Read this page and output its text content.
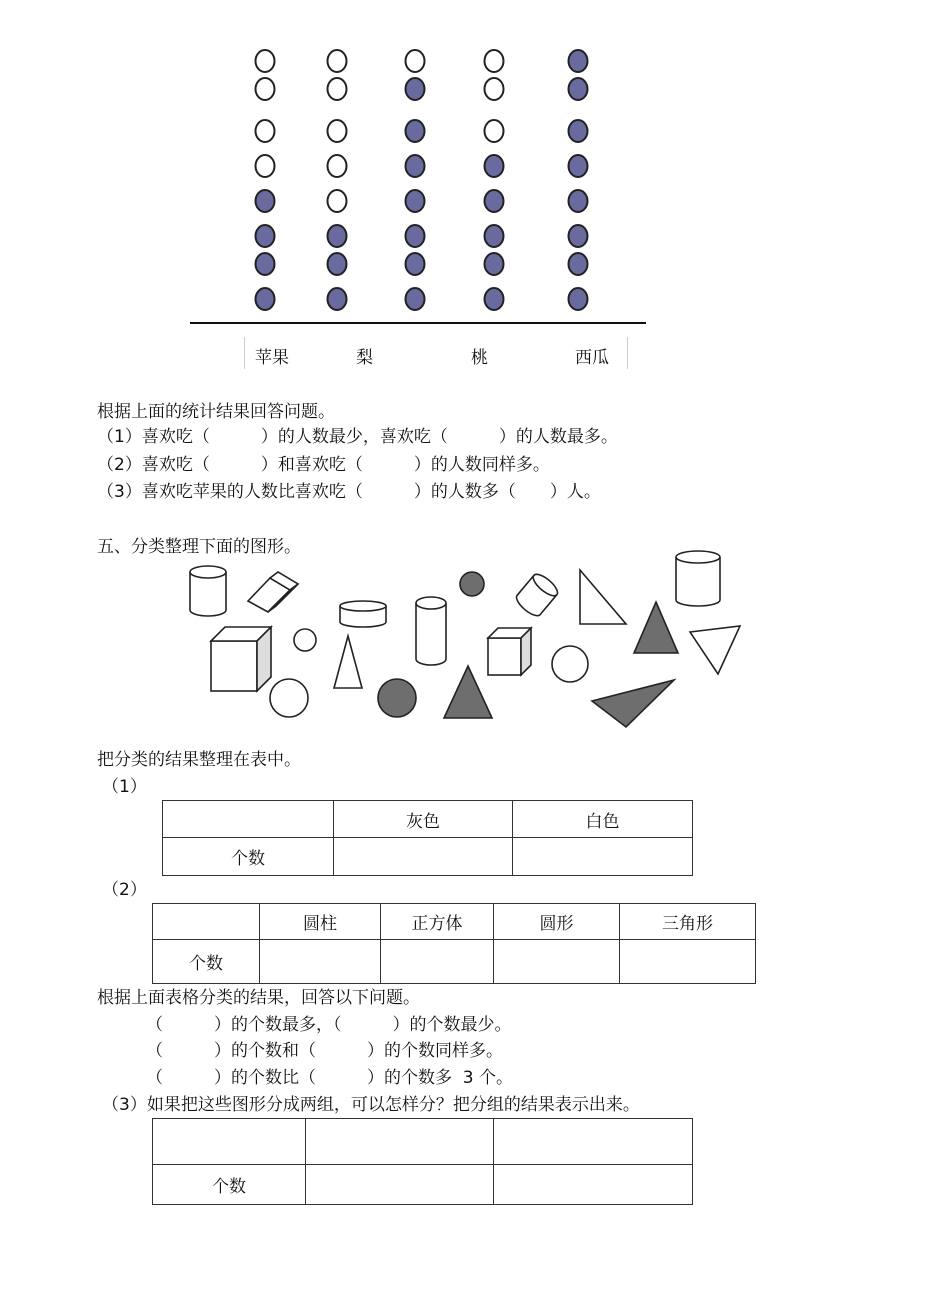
苹果	梨	桃	西瓜
根据上面的统计结果回答问题。
（1）喜欢吃（　　　）的人数最少，喜欢吃（　　　）的人数最多。
（2）喜欢吃（　　　）和喜欢吃（　　　）的人数同样多。
（3）喜欢吃苹果的人数比喜欢吃（　　　）的人数多（　　）人。
五、分类整理下面的图形。
把分类的结果整理在表中。
（1）
	灰色	白色
个数		
（2）
	圆柱	正方体	圆形	三角形
个数				
根据上面表格分类的结果，回答以下问题。
（　　　）的个数最多，（　　　）的个数最少。
（　　　）的个数和（　　　）的个数同样多。
（　　　）的个数比（　　　）的个数多  3 个。
（3）如果把这些图形分成两组，可以怎样分？把分组的结果表示出来。

个数		
